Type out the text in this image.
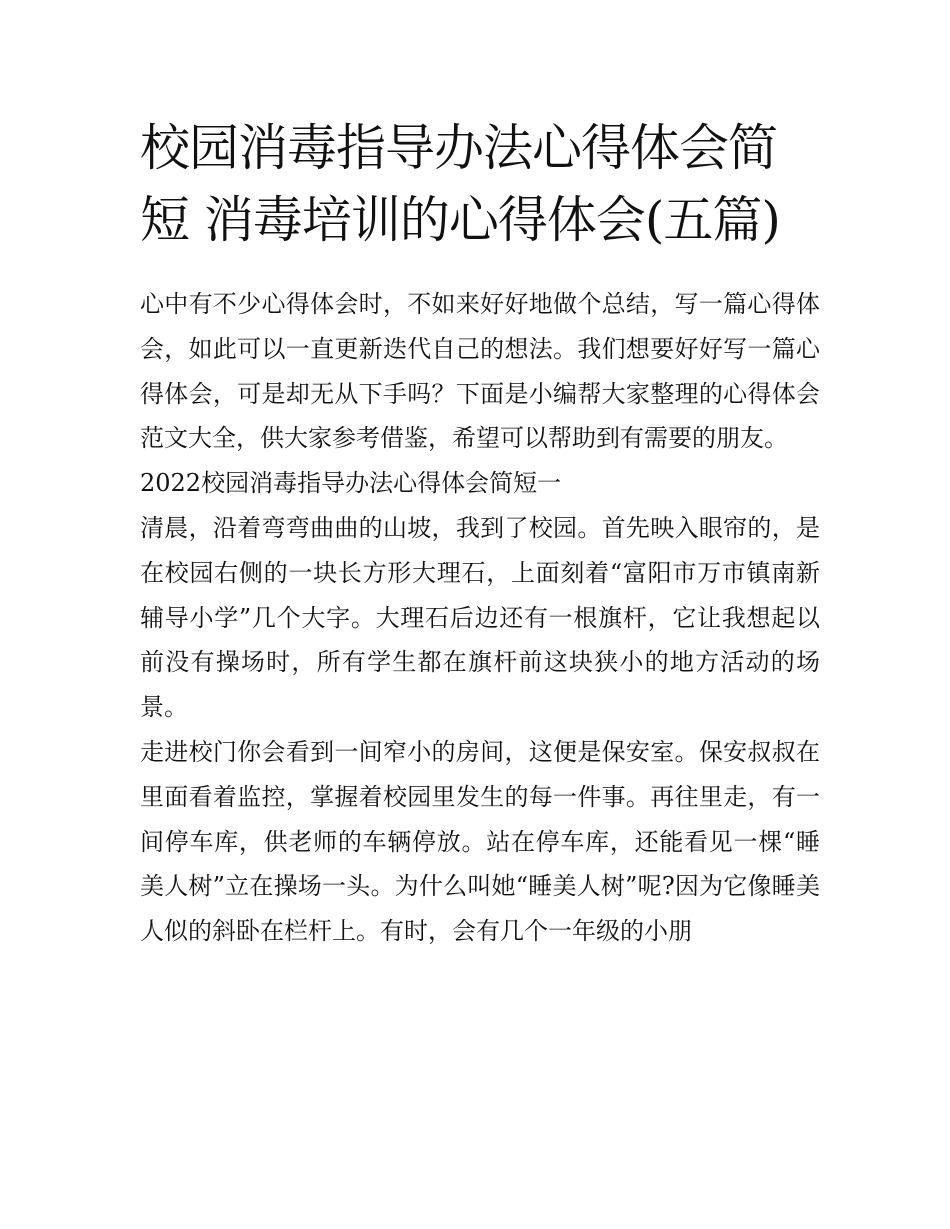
校园消毒指导办法心得体会简短 消毒培训的心得体会(五篇)

心中有不少心得体会时，不如来好好地做个总结，写一篇心得体会，如此可以一直更新迭代自己的想法。我们想要好好写一篇心得体会，可是却无从下手吗？下面是小编帮大家整理的心得体会范文大全，供大家参考借鉴，希望可以帮助到有需要的朋友。

2022校园消毒指导办法心得体会简短一

清晨，沿着弯弯曲曲的山坡，我到了校园。首先映入眼帘的，是在校园右侧的一块长方形大理石，上面刻着“富阳市万市镇南新辅导小学”几个大字。大理石后边还有一根旗杆，它让我想起以前没有操场时，所有学生都在旗杆前这块狭小的地方活动的场景。

走进校门你会看到一间窄小的房间，这便是保安室。保安叔叔在里面看着监控，掌握着校园里发生的每一件事。再往里走，有一间停车库，供老师的车辆停放。站在停车库，还能看见一棵“睡美人树”立在操场一头。为什么叫她“睡美人树”呢?因为它像睡美人似的斜卧在栏杆上。有时，会有几个一年级的小朋
